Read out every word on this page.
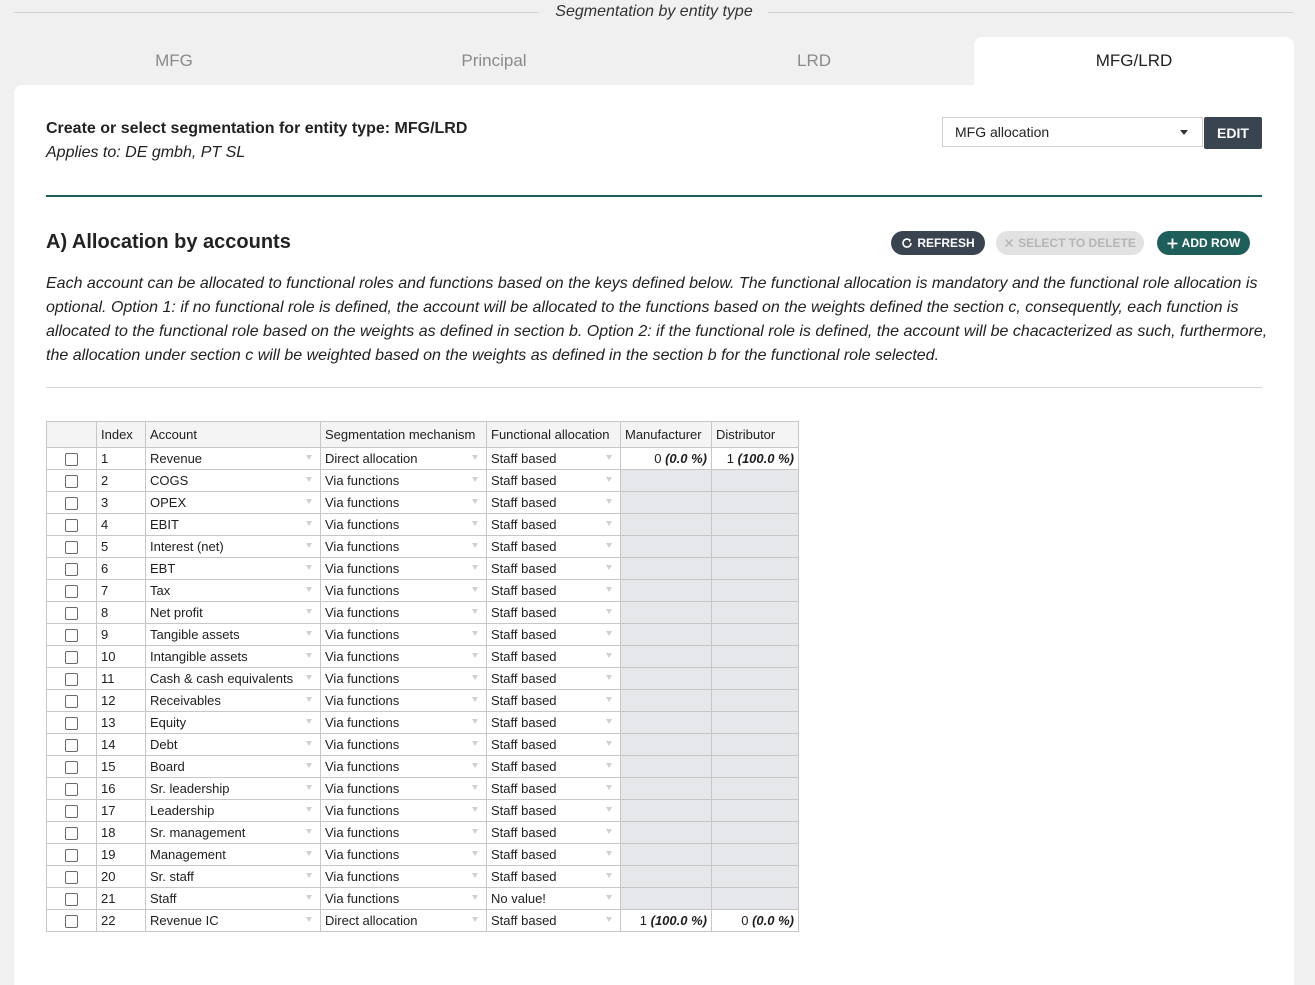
Segmentation by entity type
MFG	Principal	LRD	MFG/LRD
Create or select segmentation for entity type: MFG/LRD
Applies to: DE gmbh, PT SL
MFG allocation	EDIT
A) Allocation by accounts	REFRESH	SELECT TO DELETE	ADD ROW
Each account can be allocated to functional roles and functions based on the keys defined below. The functional allocation is mandatory and the functional role allocation is optional. Option 1: if no functional role is defined, the account will be allocated to the functions based on the weights defined the section c, consequently, each function is allocated to the functional role based on the weights as defined in section b. Option 2: if the functional role is defined, the account will be chacacterized as such, furthermore, the allocation under section c will be weighted based on the weights as defined in the section b for the functional role selected.
	Index	Account	Segmentation mechanism	Functional allocation	Manufacturer	Distributor
	1	Revenue	Direct allocation	Staff based	0 (0.0 %)	1 (100.0 %)
	2	COGS	Via functions	Staff based

	3	OPEX	Via functions	Staff based

	4	EBIT	Via functions	Staff based

	5	Interest (net)	Via functions	Staff based

	6	EBT	Via functions	Staff based

	7	Tax	Via functions	Staff based

	8	Net profit	Via functions	Staff based

	9	Tangible assets	Via functions	Staff based

	10	Intangible assets	Via functions	Staff based

	11	Cash & cash equivalents	Via functions	Staff based

	12	Receivables	Via functions	Staff based

	13	Equity	Via functions	Staff based

	14	Debt	Via functions	Staff based

	15	Board	Via functions	Staff based

	16	Sr. leadership	Via functions	Staff based

	17	Leadership	Via functions	Staff based

	18	Sr. management	Via functions	Staff based

	19	Management	Via functions	Staff based

	20	Sr. staff	Via functions	Staff based

	21	Staff	Via functions	No value!

	22	Revenue IC	Direct allocation	Staff based	1 (100.0 %)	0 (0.0 %)
